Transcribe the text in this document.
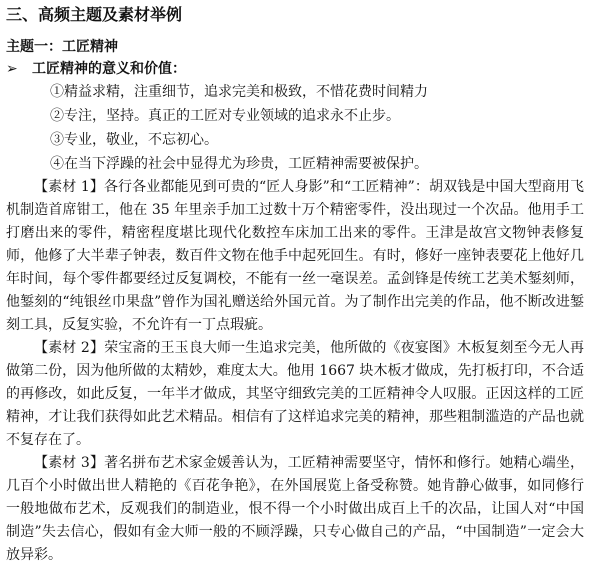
三、高频主题及素材举例
主题一：工匠精神
➢ 工匠精神的意义和价值：
①精益求精，注重细节，追求完美和极致，不惜花费时间精力
②专注，坚持。真正的工匠对专业领域的追求永不止步。
③专业，敬业，不忘初心。
④在当下浮躁的社会中显得尤为珍贵，工匠精神需要被保护。

【素材 1】各行各业都能见到可贵的“匠人身影”和“工匠精神”：胡双钱是中国大型商用飞机制造首席钳工，他在 35 年里亲手加工过数十万个精密零件，没出现过一个次品。他用手工打磨出来的零件，精密程度堪比现代化数控车床加工出来的零件。王津是故宫文物钟表修复师，他修了大半辈子钟表，数百件文物在他手中起死回生。有时，修好一座钟表要花上他好几年时间，每个零件都要经过反复调校，不能有一丝一毫误差。孟剑锋是传统工艺美术錾刻师，他錾刻的“纯银丝巾果盘”曾作为国礼赠送给外国元首。为了制作出完美的作品，他不断改进錾刻工具，反复实验，不允许有一丁点瑕疵。

【素材 2】荣宝斋的王玉良大师一生追求完美，他所做的《夜宴图》木板复刻至今无人再做第二份，因为他所做的太精妙，难度太大。他用 1667 块木板才做成，先打板打印，不合适的再修改，如此反复，一年半才做成，其坚守细致完美的工匠精神令人叹服。正因这样的工匠精神，才让我们获得如此艺术精品。相信有了这样追求完美的精神，那些粗制滥造的产品也就不复存在了。

【素材 3】著名拼布艺术家金媛善认为，工匠精神需要坚守，情怀和修行。她精心端坐，几百个小时做出世人精艳的《百花争艳》，在外国展览上备受称赞。她肯静心做事，如同修行一般地做布艺术，反观我们的制造业，恨不得一个小时做出成百上千的次品，让国人对“中国制造”失去信心，假如有金大师一般的不顾浮躁，只专心做自己的产品，“中国制造”一定会大放异彩。
